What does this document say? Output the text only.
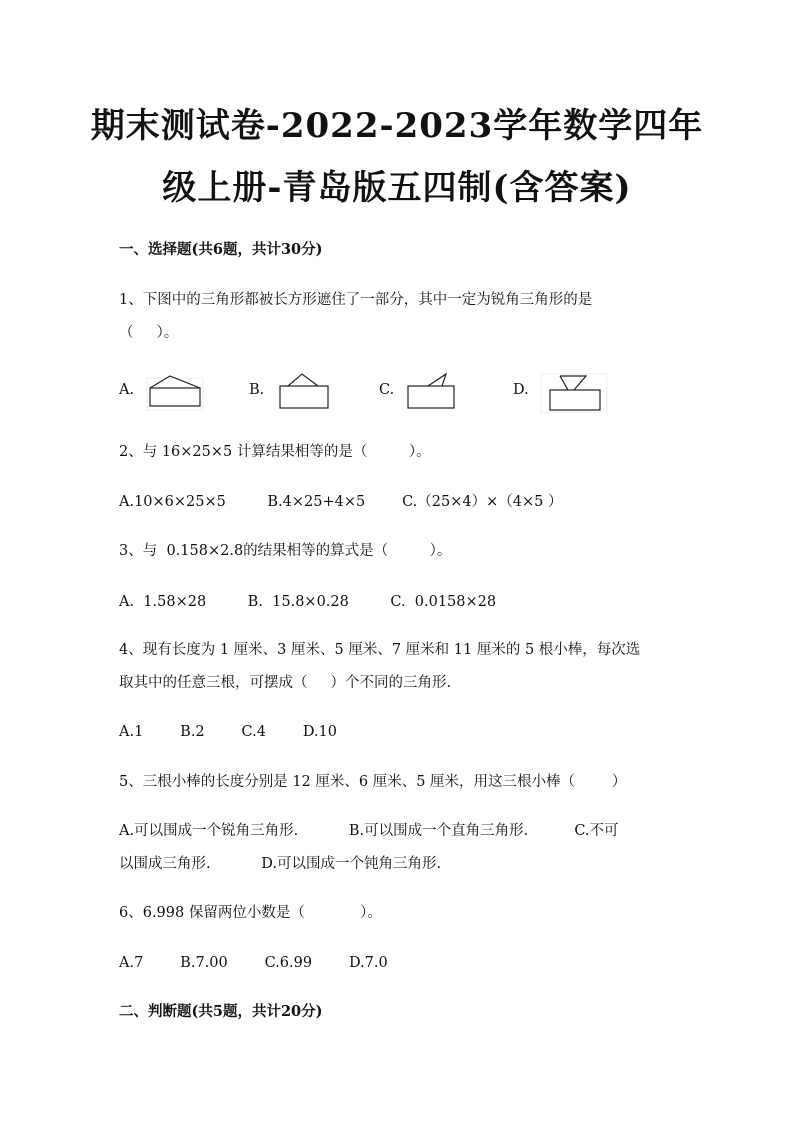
期末测试卷-2022-2023学年数学四年
级上册-青岛版五四制(含答案)
一、选择题(共6题，共计30分)
1、下图中的三角形都被长方形遮住了一部分，其中一定为锐角三角形的是
（     ）。
A.	B.	C.	D.
2、与 16×25×5 计算结果相等的是（         ）。
A.10×6×25×5         B.4×25+4×5        C.（25×4）×（4×5 ）
3、与  0.158×2.8的结果相等的算式是（         ）。
A.  1.58×28         B.  15.8×0.28         C.  0.0158×28
4、现有长度为 1 厘米、3 厘米、5 厘米、7 厘米和 11 厘米的 5 根小棒，每次选
取其中的任意三根，可摆成（     ）个不同的三角形.
A.1        B.2        C.4        D.10
5、三根小棒的长度分别是 12 厘米、6 厘米、5 厘米，用这三根小棒（        ）
A.可以围成一个锐角三角形.           B.可以围成一个直角三角形.          C.不可
以围成三角形.           D.可以围成一个钝角三角形.
6、6.998 保留两位小数是（            ）。
A.7        B.7.00        C.6.99        D.7.0
二、判断题(共5题，共计20分)
